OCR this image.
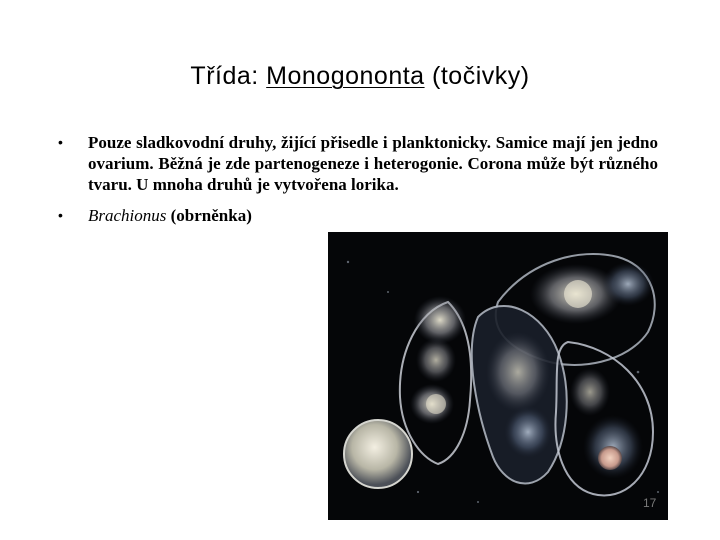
Třída: Monogononta (točivky)
• Pouze sladkovodní druhy, žijící přisedle i planktonicky. Samice mají jen jedno ovarium. Běžná je zde partenogeneze i heterogonie. Corona může být různého tvaru. U mnoha druhů je vytvořena lorika.
• Brachionus (obrněnka)
17
